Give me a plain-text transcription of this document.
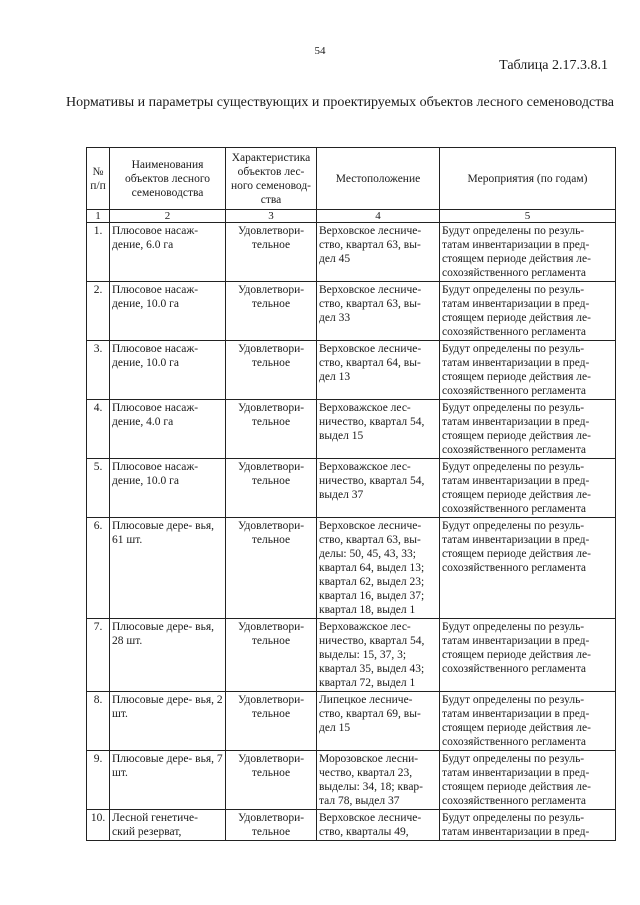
54
Таблица 2.17.3.8.1
Нормативы и параметры существующих и проектируемых объектов лесного семеноводства
№ п/п	Наименования объектов лесного семеноводства	Характеристика объектов лес- ного семеновод- ства	Местоположение	Мероприятия (по годам)
1	2	3	4	5
1.	Плюсовое насаж- дение, 6.0 га	Удовлетвори- тельное	Верховское лесниче- ство, квартал 63, вы- дел 45	Будут определены по резуль- татам инвентаризации в пред- стоящем периоде действия ле- сохозяйственного регламента
2.	Плюсовое насаж- дение, 10.0 га	Удовлетвори- тельное	Верховское лесниче- ство, квартал 63, вы- дел 33	Будут определены по резуль- татам инвентаризации в пред- стоящем периоде действия ле- сохозяйственного регламента
3.	Плюсовое насаж- дение, 10.0 га	Удовлетвори- тельное	Верховское лесниче- ство, квартал 64, вы- дел 13	Будут определены по резуль- татам инвентаризации в пред- стоящем периоде действия ле- сохозяйственного регламента
4.	Плюсовое насаж- дение, 4.0 га	Удовлетвори- тельное	Верховажское лес- ничество, квартал 54, выдел 15	Будут определены по резуль- татам инвентаризации в пред- стоящем периоде действия ле- сохозяйственного регламента
5.	Плюсовое насаж- дение, 10.0 га	Удовлетвори- тельное	Верховажское лес- ничество, квартал 54, выдел 37	Будут определены по резуль- татам инвентаризации в пред- стоящем периоде действия ле- сохозяйственного регламента
6.	Плюсовые дере- вья, 61 шт.	Удовлетвори- тельное	Верховское лесниче- ство, квартал 63, вы- делы: 50, 45, 43, 33; квартал 64, выдел 13; квартал 62, выдел 23; квартал 16, выдел 37; квартал 18, выдел 1	Будут определены по резуль- татам инвентаризации в пред- стоящем периоде действия ле- сохозяйственного регламента
7.	Плюсовые дере- вья, 28 шт.	Удовлетвори- тельное	Верховажское лес- ничество, квартал 54, выделы: 15, 37, 3; квартал 35, выдел 43; квартал 72, выдел 1	Будут определены по резуль- татам инвентаризации в пред- стоящем периоде действия ле- сохозяйственного регламента
8.	Плюсовые дере- вья, 2 шт.	Удовлетвори- тельное	Липецкое лесниче- ство, квартал 69, вы- дел 15	Будут определены по резуль- татам инвентаризации в пред- стоящем периоде действия ле- сохозяйственного регламента
9.	Плюсовые дере- вья, 7 шт.	Удовлетвори- тельное	Морозовское лесни- чество, квартал 23, выделы: 34, 18; квар- тал 78, выдел 37	Будут определены по резуль- татам инвентаризации в пред- стоящем периоде действия ле- сохозяйственного регламента
10.	Лесной генетиче- ский резерват,	Удовлетвори- тельное	Верховское лесниче- ство, кварталы 49,	Будут определены по резуль- татам инвентаризации в пред-
